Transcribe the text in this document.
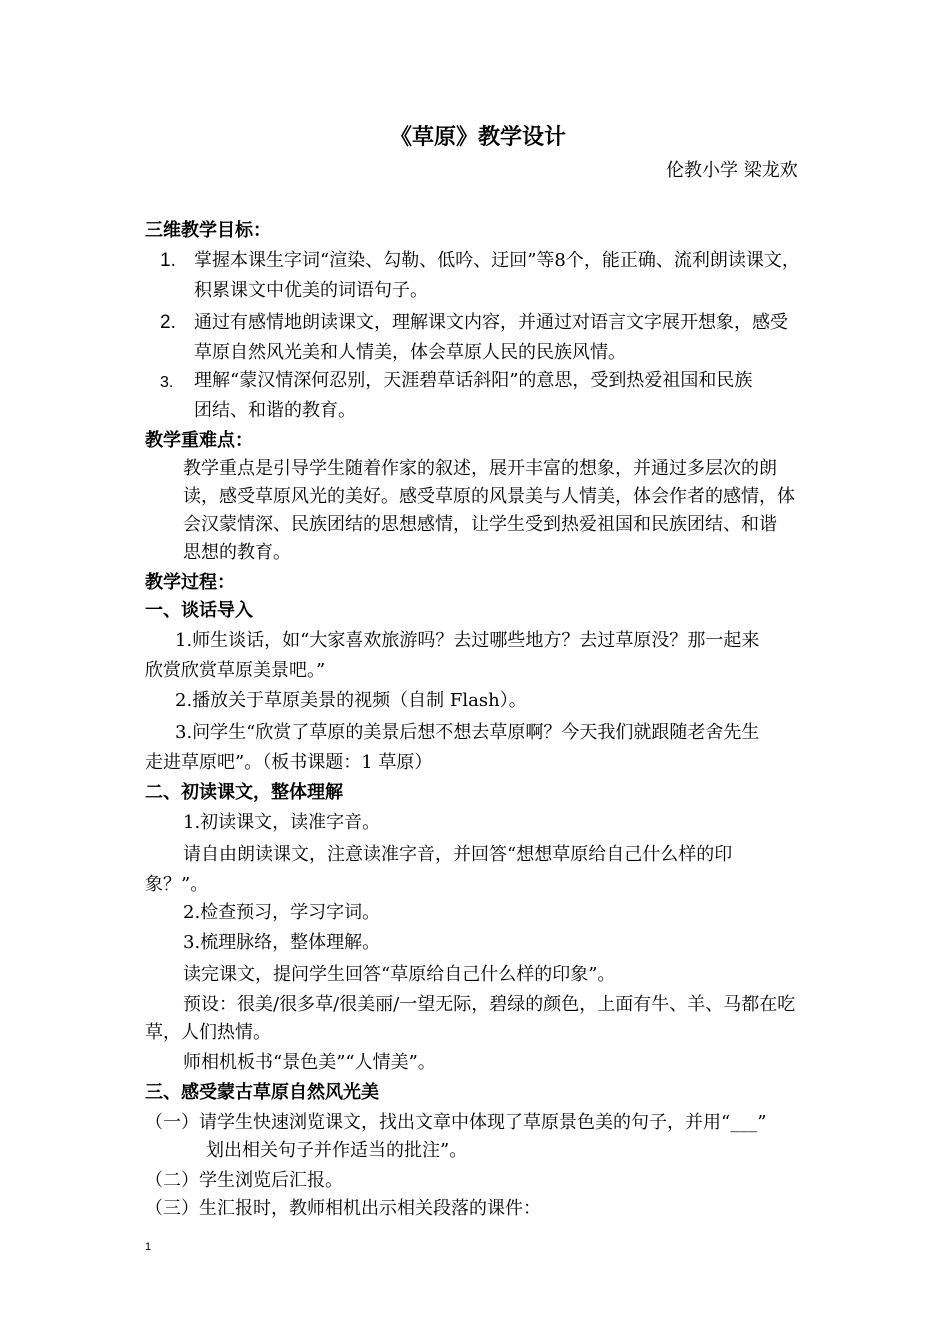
《草原》教学设计
伦教小学 梁龙欢
三维教学目标：
1. 掌握本课生字词“渲染、勾勒、低吟、迂回”等8个，能正确、流利朗读课文，
积累课文中优美的词语句子。
2. 通过有感情地朗读课文，理解课文内容，并通过对语言文字展开想象，感受
草原自然风光美和人情美，体会草原人民的民族风情。
3. 理解“蒙汉情深何忍别，天涯碧草话斜阳”的意思，受到热爱祖国和民族
团结、和谐的教育。
教学重难点：
教学重点是引导学生随着作家的叙述，展开丰富的想象，并通过多层次的朗
读，感受草原风光的美好。感受草原的风景美与人情美，体会作者的感情，体
会汉蒙情深、民族团结的思想感情，让学生受到热爱祖国和民族团结、和谐
思想的教育。
教学过程：
一、谈话导入
1.师生谈话，如“大家喜欢旅游吗？去过哪些地方？去过草原没？那一起来
欣赏欣赏草原美景吧。”
2.播放关于草原美景的视频（自制 Flash）。
3.问学生“欣赏了草原的美景后想不想去草原啊？今天我们就跟随老舍先生
走进草原吧”。（板书课题：1 草原）
二、初读课文，整体理解
1.初读课文，读准字音。
请自由朗读课文，注意读准字音，并回答“想想草原给自己什么样的印
象？”。
2.检查预习，学习字词。
3.梳理脉络，整体理解。
读完课文，提问学生回答“草原给自己什么样的印象”。
预设：很美/很多草/很美丽/一望无际，碧绿的颜色，上面有牛、羊、马都在吃
草，人们热情。
师相机板书“景色美”“人情美”。
三、感受蒙古草原自然风光美
（一）请学生快速浏览课文，找出文章中体现了草原景色美的句子，并用“___”
划出相关句子并作适当的批注”。
（二）学生浏览后汇报。
（三）生汇报时，教师相机出示相关段落的课件：
1
